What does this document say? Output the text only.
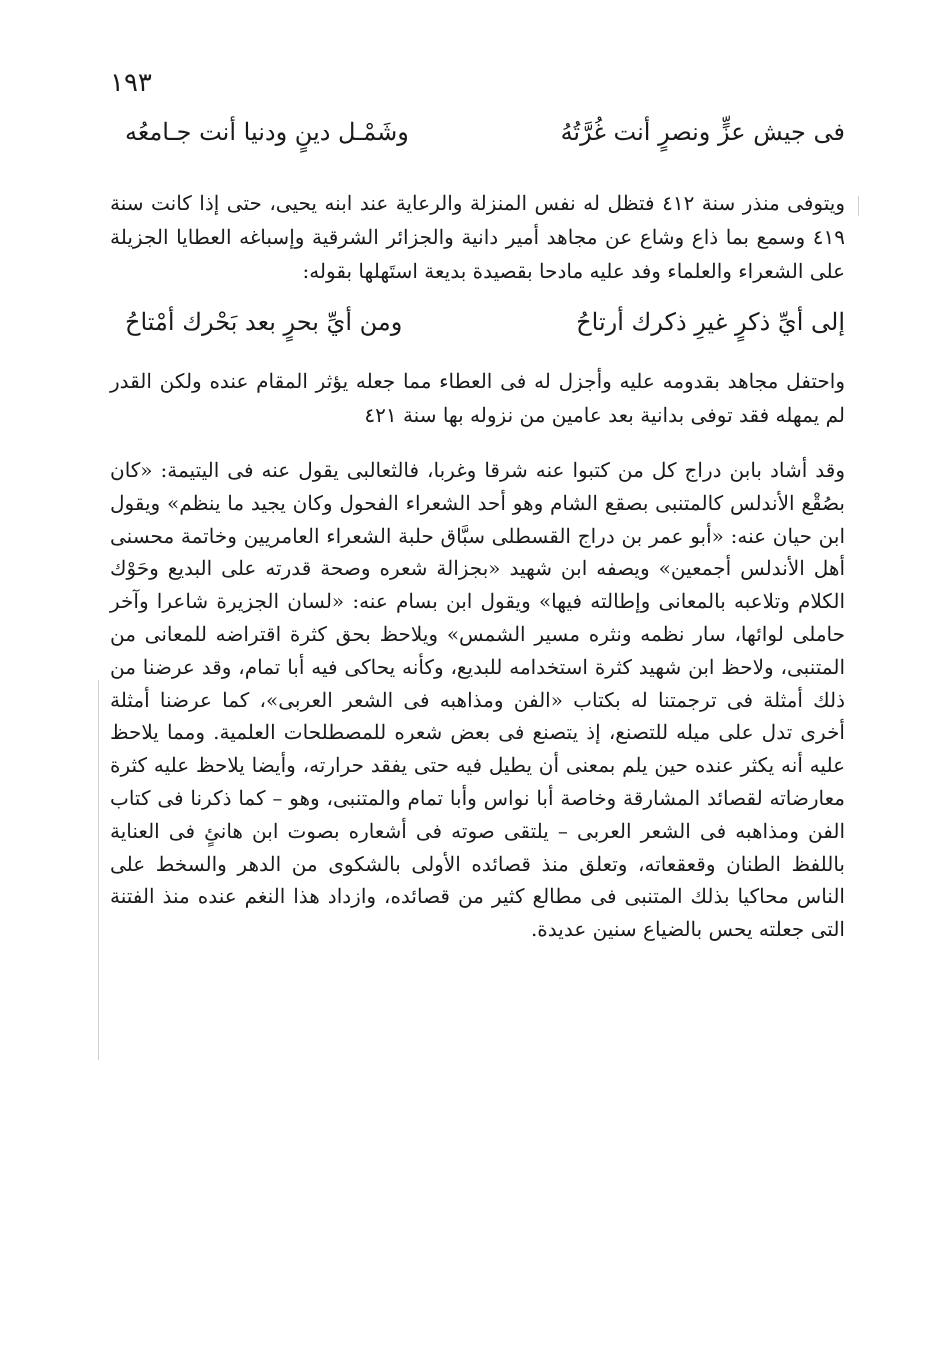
١٩٣
فى جيش عزٍّ ونصرٍ أنت غُرَّتُهُ
وشَمْـل دينٍ ودنيا أنت جـامعُه
ويتوفى منذر سنة ٤١٢ فتظل له نفس المنزلة والرعاية عند ابنه يحيى، حتى إذا كانت سنة ٤١٩ وسمع بما ذاع وشاع عن مجاهد أمير دانية والجزائر الشرقية وإسباغه العطايا الجزيلة على الشعراء والعلماء وفد عليه مادحا بقصيدة بديعة استَهلها بقوله:
إلى أيِّ ذكرٍ غيرِ ذكرك أرتاحُ
ومن أيِّ بحرٍ بعد بَحْرك أمْتاحُ
واحتفل مجاهد بقدومه عليه وأجزل له فى العطاء مما جعله يؤثر المقام عنده ولكن القدر لم يمهله فقد توفى بدانية بعد عامين من نزوله بها سنة ٤٢١
وقد أشاد بابن دراج كل من كتبوا عنه شرقا وغربا، فالثعالبى يقول عنه فى اليتيمة: «كان بصُقْع الأندلس كالمتنبى بصقع الشام وهو أحد الشعراء الفحول وكان يجيد ما ينظم» ويقول ابن حيان عنه: «أبو عمر بن دراج القسطلى سبَّاق حلبة الشعراء العامريين وخاتمة محسنى أهل الأندلس أجمعين» ويصفه ابن شهيد «بجزالة شعره وصحة قدرته على البديع وحَوْك الكلام وتلاعبه بالمعانى وإطالته فيها» ويقول ابن بسام عنه: «لسان الجزيرة شاعرا وآخر حاملى لوائها، سار نظمه ونثره مسير الشمس» ويلاحظ بحق كثرة اقتراضه للمعانى من المتنبى، ولاحظ ابن شهيد كثرة استخدامه للبديع، وكأنه يحاكى فيه أبا تمام، وقد عرضنا من ذلك أمثلة فى ترجمتنا له بكتاب «الفن ومذاهبه فى الشعر العربى»، كما عرضنا أمثلة أخرى تدل على ميله للتصنع، إذ يتصنع فى بعض شعره للمصطلحات العلمية. ومما يلاحظ عليه أنه يكثر عنده حين يلم بمعنى أن يطيل فيه حتى يفقد حرارته، وأيضا يلاحظ عليه كثرة معارضاته لقصائد المشارقة وخاصة أبا نواس وأبا تمام والمتنبى، وهو – كما ذكرنا فى كتاب الفن ومذاهبه فى الشعر العربى – يلتقى صوته فى أشعاره بصوت ابن هانئٍ فى العناية باللفظ الطنان وقعقعاته، وتعلق منذ قصائده الأولى بالشكوى من الدهر والسخط على الناس محاكيا بذلك المتنبى فى مطالع كثير من قصائده، وازداد هذا النغم عنده منذ الفتنة التى جعلته يحس بالضياع سنين عديدة.
